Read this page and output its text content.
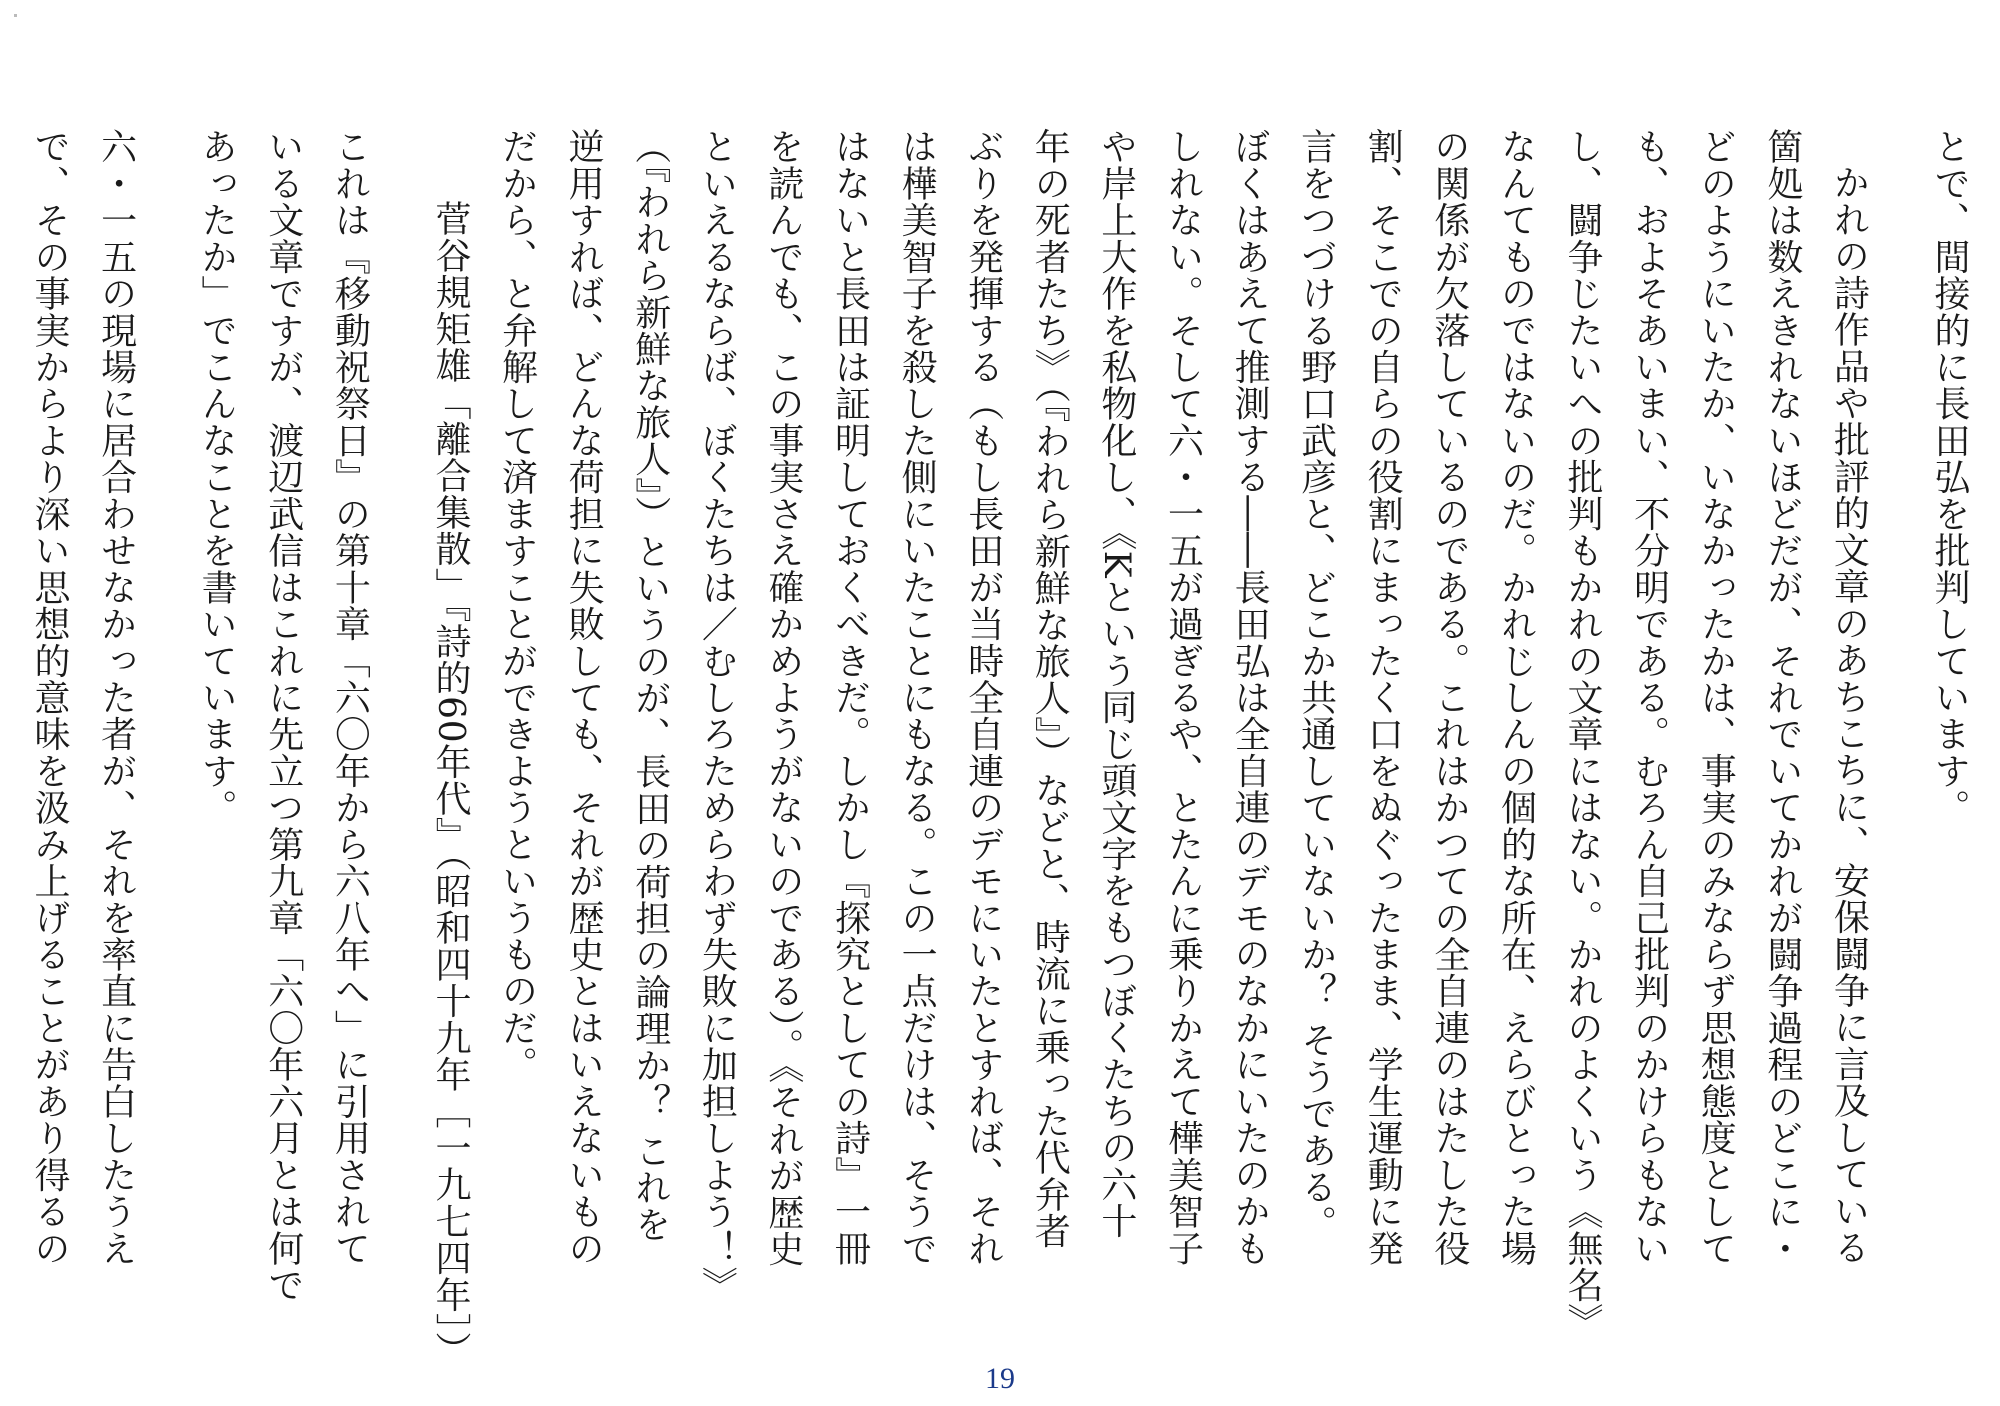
とで、間接的に長田弘を批判しています。
かれの詩作品や批評的文章のあちこちに、安保闘争に言及している
箇処は数えきれないほどだが、それでいてかれが闘争過程のどこに・
どのようにいたか、いなかったかは、事実のみならず思想態度として
も、およそあいまい、不分明である。むろん自己批判のかけらもない
し、闘争じたいへの批判もかれの文章にはない。かれのよくいう《無名》
なんてものではないのだ。かれじしんの個的な所在、えらびとった場
の関係が欠落しているのである。これはかつての全自連のはたした役
割、そこでの自らの役割にまったく口をぬぐったまま、学生運動に発
言をつづける野口武彦と、どこか共通していないか？ そうである。
ぼくはあえて推測する――長田弘は全自連のデモのなかにいたのかも
しれない。そして六・一五が過ぎるや、とたんに乗りかえて樺美智子
や岸上大作を私物化し、《Kという同じ頭文字をもつぼくたちの六十
年の死者たち》（『われら新鮮な旅人』）などと、時流に乗った代弁者
ぶりを発揮する（もし長田が当時全自連のデモにいたとすれば、それ
は樺美智子を殺した側にいたことにもなる。この一点だけは、そうで
はないと長田は証明しておくべきだ。しかし『探究としての詩』一冊
を読んでも、この事実さえ確かめようがないのである）。《それが歴史
といえるならば、ぼくたちは／むしろためらわず失敗に加担しよう！》
（『われら新鮮な旅人』）というのが、長田の荷担の論理か？ これを
逆用すれば、どんな荷担に失敗しても、それが歴史とはいえないもの
だから、と弁解して済ますことができようというものだ。
菅谷規矩雄「離合集散」『詩的60年代』（昭和四十九年［一九七四年］）
これは『移動祝祭日』の第十章「六〇年から六八年へ」に引用されて
いる文章ですが、渡辺武信はこれに先立つ第九章「六〇年六月とは何で
あったか」でこんなことを書いています。
六・一五の現場に居合わせなかった者が、それを率直に告白したうえ
で、その事実からより深い思想的意味を汲み上げることがあり得るの
19
